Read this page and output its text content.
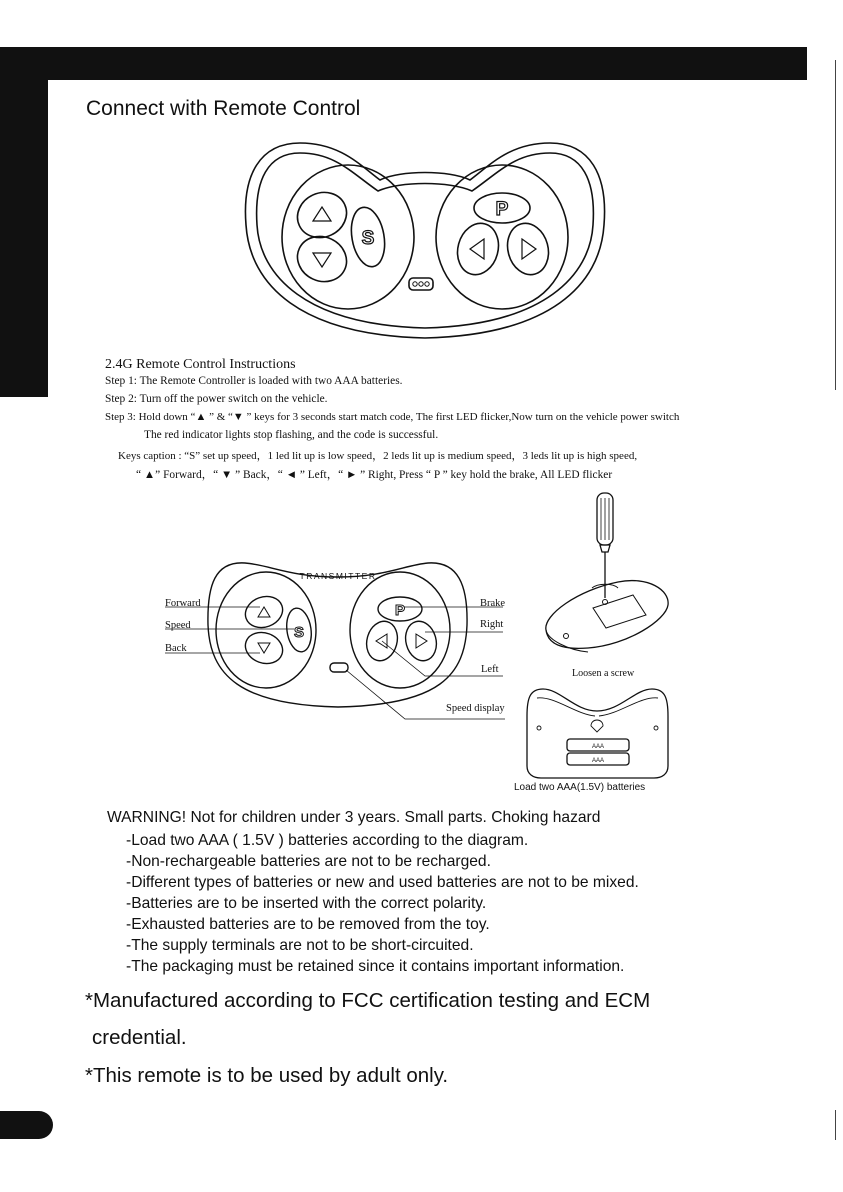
Connect with Remote Control
S
P
2.4G Remote Control Instructions
Step 1: The Remote Controller is loaded with two AAA batteries.
Step 2: Turn off the power switch on the vehicle.
Step 3: Hold down “▲ ” & “▼ ” keys for 3 seconds start match code, The first LED flicker,Now turn on the vehicle power switch
The red indicator lights stop flashing, and the code is successful.
Keys caption : “S” set up speed，1 led lit up is low speed，2 leds lit up is medium speed，3 leds lit up is high speed,
“ ▲” Forward，“ ▼ ” Back，“ ◄ ” Left，“ ► ” Right, Press “ P ” key hold the brake, All LED flicker
TRANSMITTER
S
P
Forward
Speed
Back
Brake
Right
Left
Speed display
Loosen a screw
AAA
AAA
Load two AAA(1.5V) batteries
WARNING! Not for children under 3 years. Small parts. Choking hazard
-Load two AAA ( 1.5V ) batteries according to the diagram.
-Non-rechargeable batteries are not to be recharged.
-Different types of batteries or new and used batteries are not to be mixed.
-Batteries are to be inserted with the correct polarity.
-Exhausted batteries are to be removed from the toy.
-The supply terminals are not to be short-circuited.
-The packaging must be retained since it contains important information.
*Manufactured according to FCC certification testing and ECM
credential.
*This remote is to be used by adult only.
